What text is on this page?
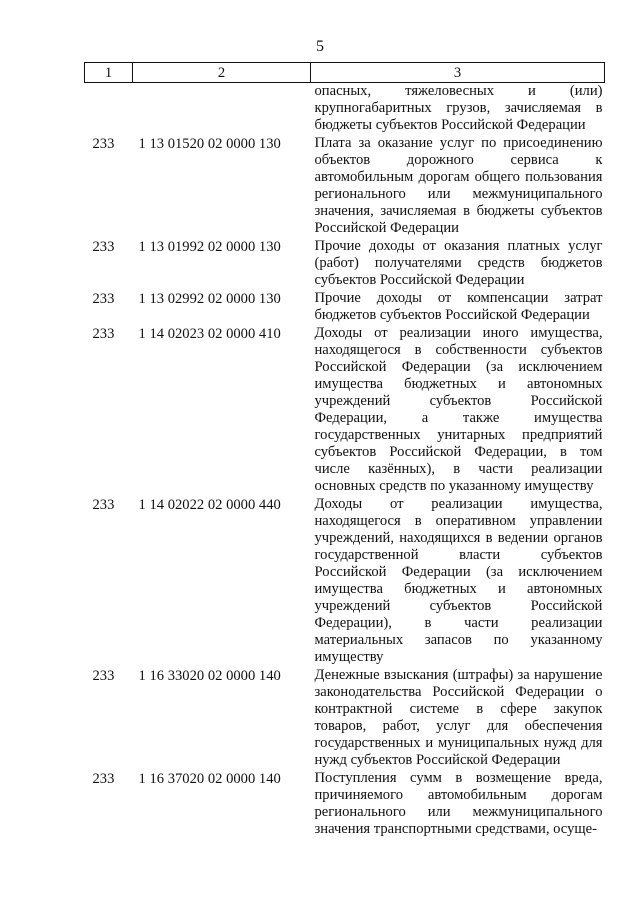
5
1	2	3
		опасных, тяжеловесных и (или) крупногабаритных грузов, зачисляемая в бюджеты субъектов Российской Федерации
233	1 13 01520 02 0000 130	Плата за оказание услуг по присоединению объектов дорожного сервиса к автомобильным дорогам общего пользования регионального или межмуниципального значения, зачисляемая в бюджеты субъектов Российской Федерации
233	1 13 01992 02 0000 130	Прочие доходы от оказания платных услуг (работ) получателями средств бюджетов субъектов Российской Федерации
233	1 13 02992 02 0000 130	Прочие доходы от компенсации затрат бюджетов субъектов Российской Федерации
233	1 14 02023 02 0000 410	Доходы от реализации иного имущества, находящегося в собственности субъектов Российской Федерации (за исключением имущества бюджетных и автономных учреждений субъектов Российской Федерации, а также имущества государственных унитарных предприятий субъектов Российской Федерации, в том числе казённых), в части реализации основных средств по указанному имуществу
233	1 14 02022 02 0000 440	Доходы от реализации имущества, находящегося в оперативном управлении учреждений, находящихся в ведении органов государственной власти субъектов Российской Федерации (за исключением имущества бюджетных и автономных учреждений субъектов Российской Федерации), в части реализации материальных запасов по указанному имуществу
233	1 16 33020 02 0000 140	Денежные взыскания (штрафы) за нарушение законодательства Российской Федерации о контрактной системе в сфере закупок товаров, работ, услуг для обеспечения государственных и муниципальных нужд для нужд субъектов Российской Федерации
233	1 16 37020 02 0000 140	Поступления сумм в возмещение вреда, причиняемого автомобильным дорогам регионального или межмуниципального значения транспортными средствами, осуще-
